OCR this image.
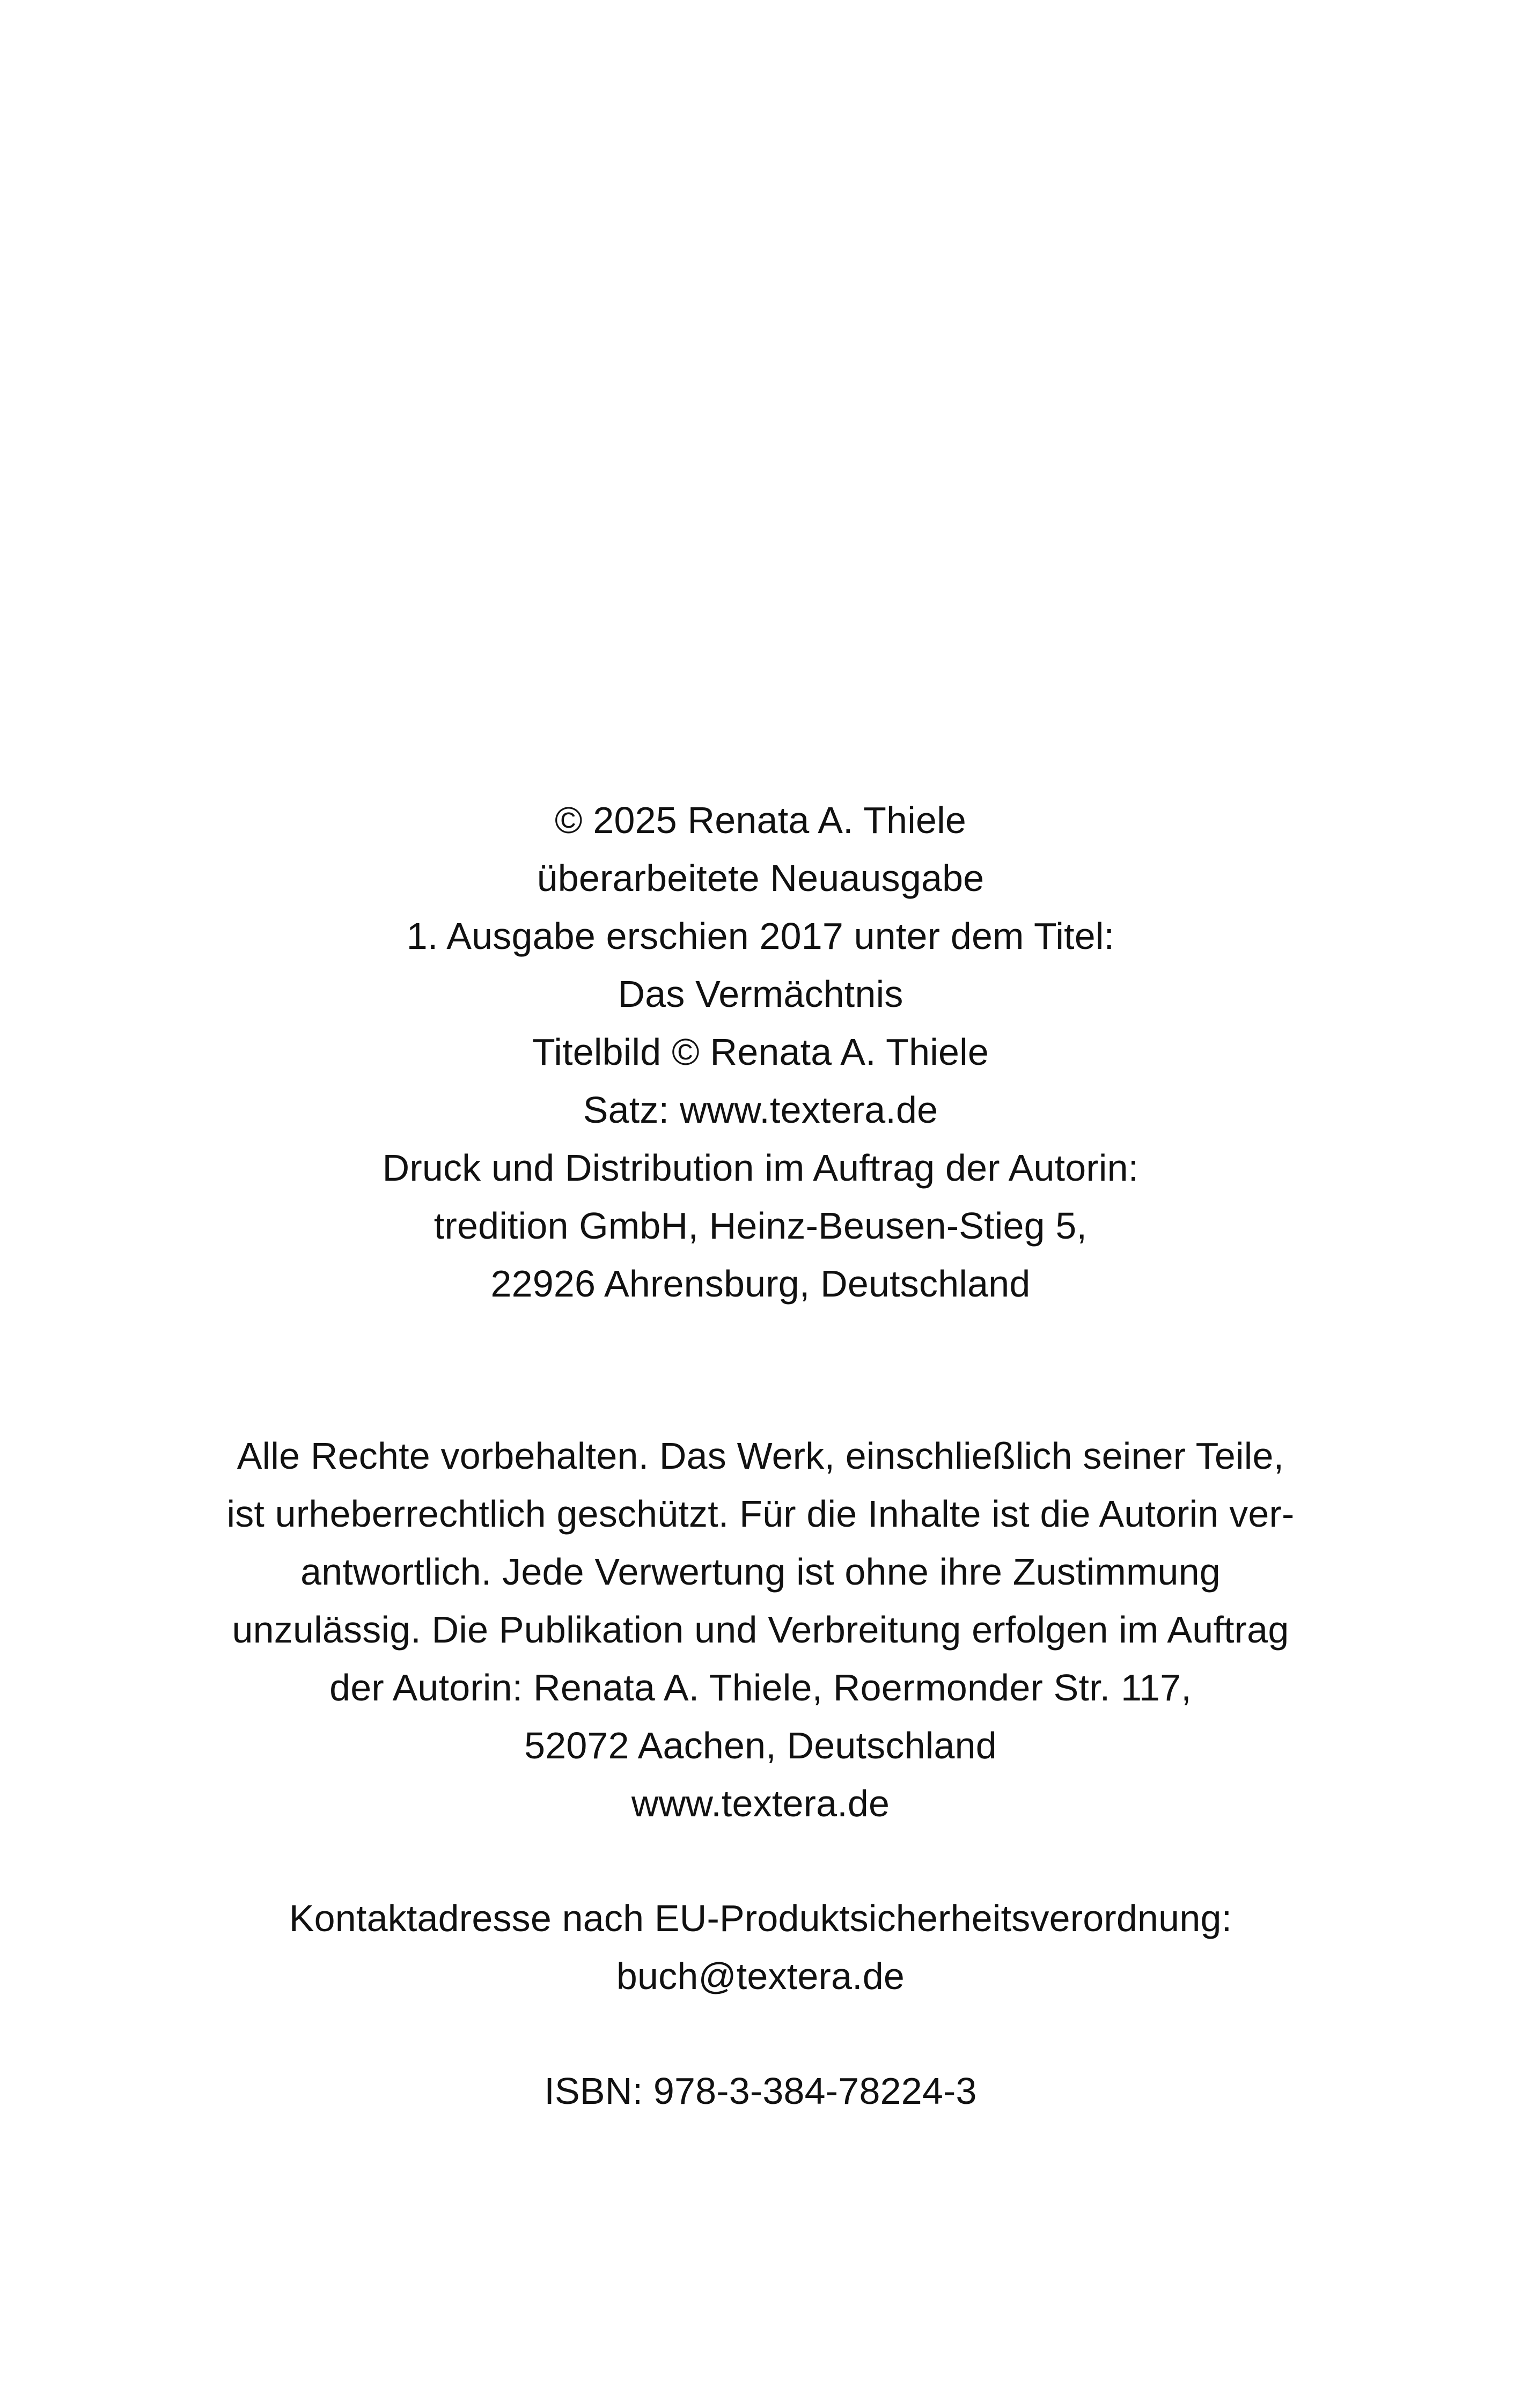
© 2025 Renata A. Thiele
überarbeitete Neuausgabe
1. Ausgabe erschien 2017 unter dem Titel:
Das Vermächtnis
Titelbild © Renata A. Thiele
Satz: www.textera.de
Druck und Distribution im Auftrag der Autorin:
tredition GmbH, Heinz-Beusen-Stieg 5,
22926 Ahrensburg, Deutschland
Alle Rechte vorbehalten. Das Werk, einschließlich seiner Teile,
ist urheberrechtlich geschützt. Für die Inhalte ist die Autorin ver-
antwortlich. Jede Verwertung ist ohne ihre Zustimmung
unzulässig. Die Publikation und Verbreitung erfolgen im Auftrag
der Autorin: Renata A. Thiele, Roermonder Str. 117,
52072 Aachen, Deutschland
www.textera.de
Kontaktadresse nach EU-Produktsicherheitsverordnung:
buch@textera.de
ISBN: 978-3-384-78224-3
